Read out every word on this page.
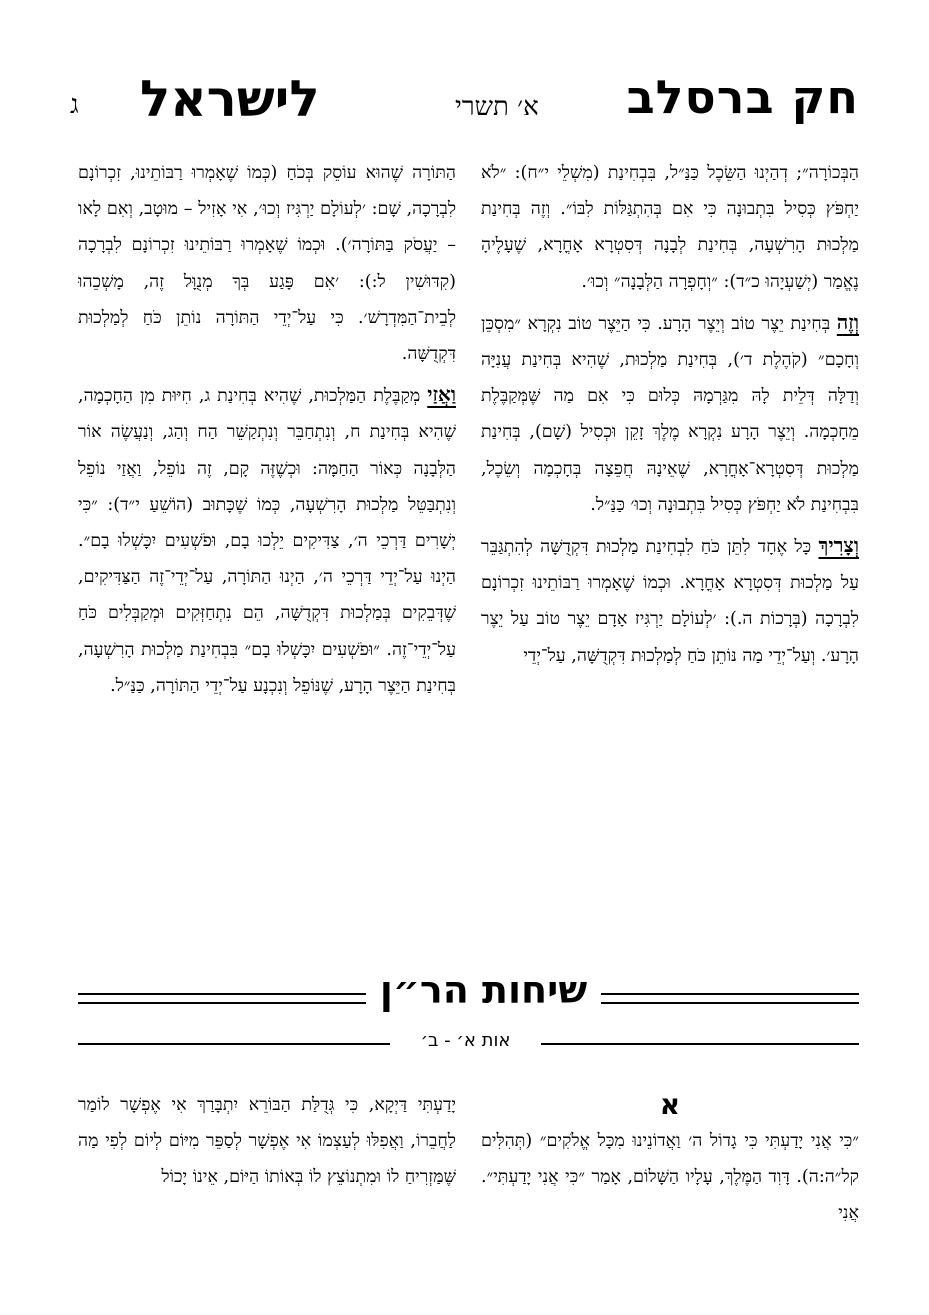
חק ברסלב
א׳ תשרי
לישראל
ג

הַבְּכוֹרָה״; דְהַיְנוּ הַשֵּׂכֶל כַּנַּ״ל, בִּבְחִינַת (מִשְׁלֵי י״ח): ״לֹא יַחְפֹּץ כְּסִיל בִּתְבוּנָה כִּי אִם בְּהִתְגַּלּוֹת לִבּוֹ״. וְזֶה בְּחִינַת מַלְכוּת הָרִשְׁעָה, בְּחִינַת לְבָנָה דְּסִטְרָא אָחֳרָא, שֶׁעָלֶיהָ נֶאֱמַר (יְשַׁעְיָהוּ כ״ד): ״וְחָפְרָה הַלְּבָנָה״ וְכוּ׳.

וְזֶה בְּחִינַת יֵצֶר טוֹב וְיֵצֶר הָרָע. כִּי הַיֵּצֶר טוֹב נִקְרָא ״מִסְכֵּן וְחָכָם״ (קֹהֶלֶת ד׳), בְּחִינַת מַלְכוּת, שֶׁהִיא בְּחִינַת עֲנִיָּה וְדַלָּה דְּלֵית לָהּ מִגַּרְמָהּ כְּלוּם כִּי אִם מַה שֶּׁמְּקַבֶּלֶת מֵחָכְמָה. וְיֵצֶר הָרָע נִקְרָא מֶלֶךְ זָקֵן וּכְסִיל (שָׁם), בְּחִינַת מַלְכוּת דְּסִטְרָא־אָחֳרָא, שֶׁאֵינָהּ חֲפֵצָה בְּחָכְמָה וְשֵׂכֶל, בִּבְחִינַת לֹא יַחְפֹּץ כְּסִיל בִּתְבוּנָה וְכוּ׳ כַּנַּ״ל.

וְצָרִיךְ כָּל אֶחָד לִתֵּן כֹּחַ לִבְחִינַת מַלְכוּת דִּקְדֻשָּׁה לְהִתְגַּבֵּר עַל מַלְכוּת דְּסִטְרָא אָחֳרָא. וּכְמוֹ שֶׁאָמְרוּ רַבּוֹתֵינוּ זִכְרוֹנָם לִבְרָכָה (בְּרָכוֹת ה.): ׳לְעוֹלָם יַרְגִּיז אָדָם יֵצֶר טוֹב עַל יֵצֶר הָרָע׳. וְעַל־יְדֵי מַה נּוֹתֵן כֹּחַ לְמַלְכוּת דִּקְדֻשָּׁה, עַל־יְדֵי

הַתּוֹרָה שֶׁהוּא עוֹסֵק בְּכֹחַ (כְּמוֹ שֶׁאָמְרוּ רַבּוֹתֵינוּ, זִכְרוֹנָם לִבְרָכָה, שָׁם: ׳לְעוֹלָם יַרְגִּיז וְכוּ׳, אִי אָזִיל – מוּטָב, וְאִם לָאו – יַעֲסֹק בַּתּוֹרָה׳). וּכְמוֹ שֶׁאָמְרוּ רַבּוֹתֵינוּ זִכְרוֹנָם לִבְרָכָה (קִדּוּשִׁין ל:): ׳אִם פָּגַע בְּךָ מְנֻוָּל זֶה, מָשְׁכֵהוּ לְבֵית־הַמִּדְרָשׁ׳. כִּי עַל־יְדֵי הַתּוֹרָה נוֹתֵן כֹּחַ לְמַלְכוּת דִּקְדֻשָּׁה.

וַאֲזַי מְקַבֶּלֶת הַמַּלְכוּת, שֶׁהִיא בְּחִינַת ג, חִיּוּת מִן הַחָכְמָה, שֶׁהִיא בְּחִינַת ח, וְנִתְחַבֵּר וְנִתְקַשֵּׁר הַח וְהַג, וְנַעֲשֶׂה אוֹר הַלְּבָנָה כְּאוֹר הַחַמָּה: וּכְשֶׁזֶּה קָם, זֶה נוֹפֵל, וַאֲזַי נוֹפֵל וְנִתְבַּטֵּל מַלְכוּת הָרִשְׁעָה, כְּמוֹ שֶׁכָּתוּב (הוֹשֵׁעַ י״ד): ״כִּי יְשָׁרִים דַּרְכֵי ה׳, צַדִּיקִים יֵלְכוּ בָם, וּפֹשְׁעִים יִכָּשְׁלוּ בָם״. הַיְנוּ עַל־יְדֵי דַּרְכֵי ה׳, הַיְנוּ הַתּוֹרָה, עַל־יְדֵי־זֶה הַצַּדִּיקִים, שֶׁדְּבֵקִים בְּמַלְכוּת דִּקְדֻשָּׁה, הֵם נִתְחַזְּקִים וּמְקַבְּלִים כֹּחַ עַל־יְדֵי־זֶה. ״וּפֹשְׁעִים יִכָּשְׁלוּ בָם״ בִּבְחִינַת מַלְכוּת הָרִשְׁעָה, בְּחִינַת הַיֵּצֶר הָרָע, שֶׁנּוֹפֵל וְנִכְנָע עַל־יְדֵי הַתּוֹרָה, כַּנַּ״ל.

שיחות הר״ן
אות א׳ - ב׳
א

״כִּי אֲנִי יָדַעְתִּי כִּי גָדוֹל ה׳ וַאֲדוֹנֵינוּ מִכָּל אֱלֹקִים״ (תְּהִלִּים קל״ה:ה). דָּוִד הַמֶּלֶךְ, עָלָיו הַשָּׁלוֹם, אָמַר ״כִּי אֲנִי יָדַעְתִּי״. אֲנִי

יָדַעְתִּי דַּיְקָא, כִּי גְּדֻלַּת הַבּוֹרֵא יִתְבָּרַךְ אִי אֶפְשָׁר לוֹמַר לַחֲבֵרוֹ, וַאֲפִלּוּ לְעַצְמוֹ אִי אֶפְשָׁר לְסַפֵּר מִיּוֹם לְיוֹם לְפִי מַה שֶּׁמַּזְרִיחַ לוֹ וּמִתְנוֹצֵץ לוֹ בְּאוֹתוֹ הַיּוֹם, אֵינוֹ יָכוֹל
